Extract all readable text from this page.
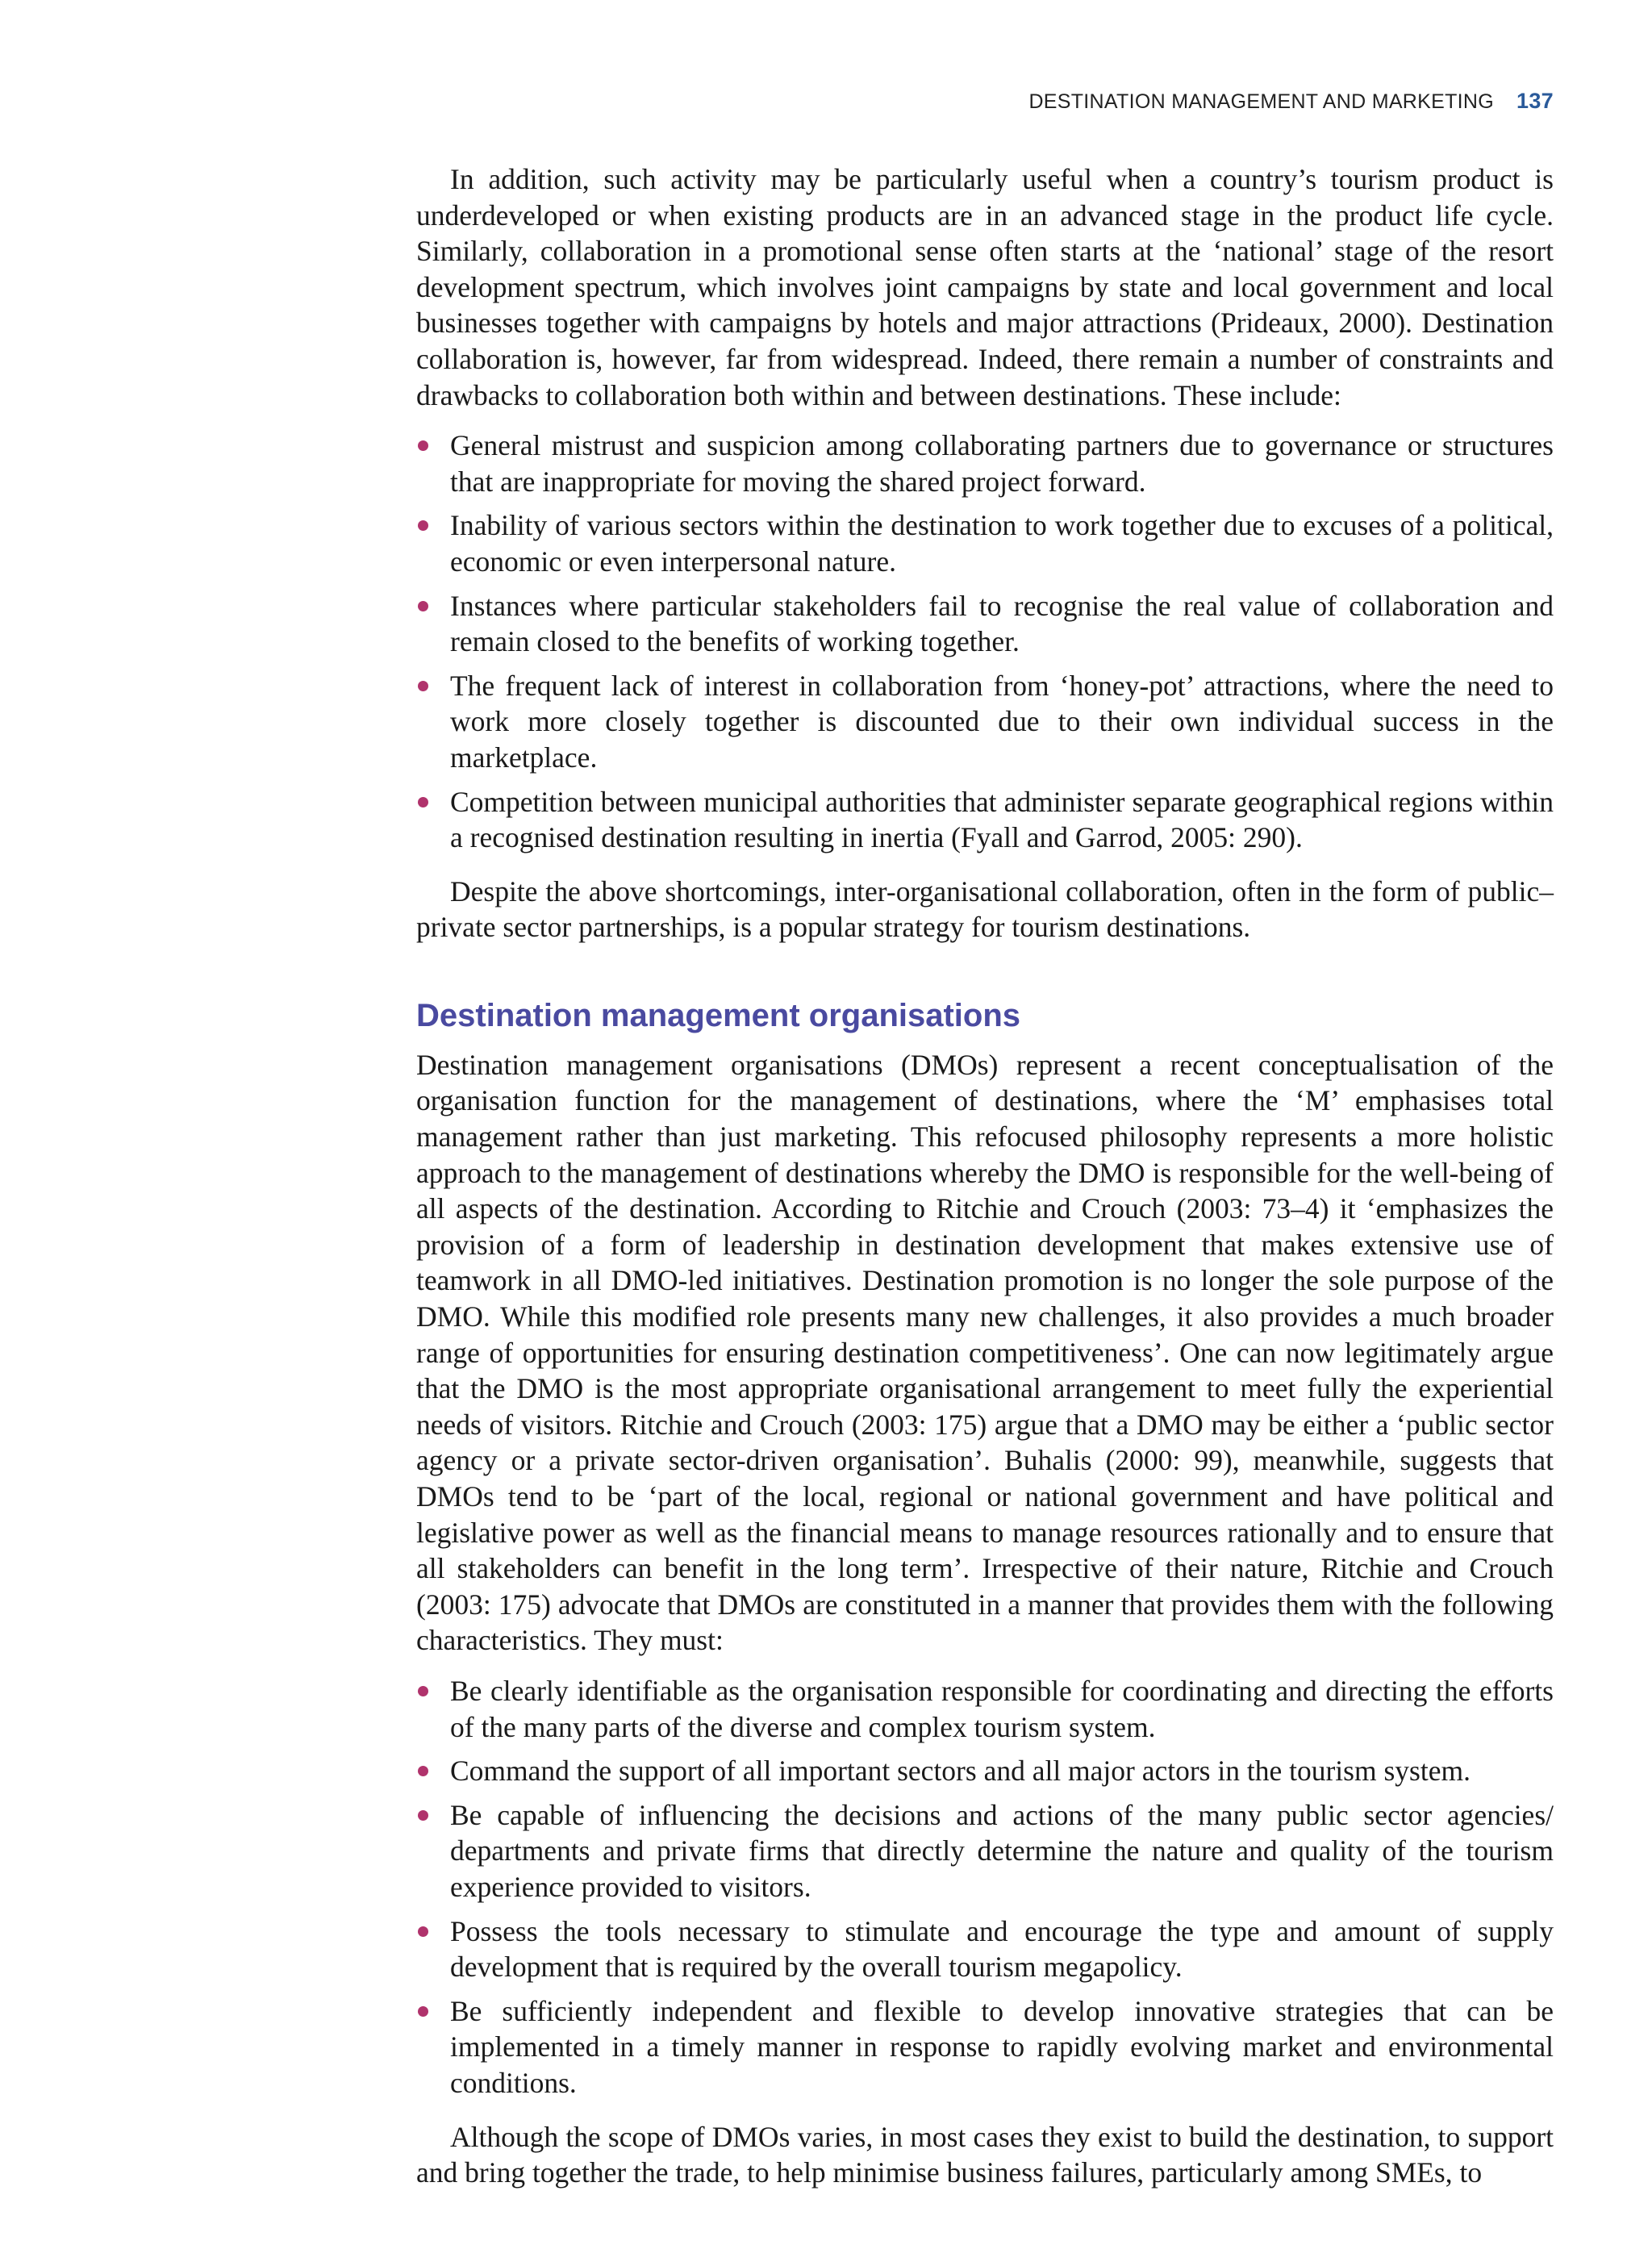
DESTINATION MANAGEMENT AND MARKETING 137

In addition, such activity may be particularly useful when a country’s tourism product is underdeveloped or when existing products are in an advanced stage in the product life cycle. Similarly, collaboration in a promotional sense often starts at the ‘national’ stage of the resort development spectrum, which involves joint campaigns by state and local government and local businesses together with campaigns by hotels and major attractions (Prideaux, 2000). Destination collaboration is, however, far from widespread. Indeed, there remain a number of constraints and drawbacks to collaboration both within and between destinations. These include:

General mistrust and suspicion among collaborating partners due to governance or structures that are inappropriate for moving the shared project forward.
Inability of various sectors within the destination to work together due to excuses of a political, economic or even interpersonal nature.
Instances where particular stakeholders fail to recognise the real value of collaboration and remain closed to the benefits of working together.
The frequent lack of interest in collaboration from ‘honey-pot’ attractions, where the need to work more closely together is discounted due to their own individual success in the marketplace.
Competition between municipal authorities that administer separate geographical regions within a recognised destination resulting in inertia (Fyall and Garrod, 2005: 290).

Despite the above shortcomings, inter-organisational collaboration, often in the form of public–private sector partnerships, is a popular strategy for tourism destinations.

Destination management organisations

Destination management organisations (DMOs) represent a recent conceptualisation of the organisation function for the management of destinations, where the ‘M’ emphasises total management rather than just marketing. This refocused philosophy represents a more holistic approach to the management of destinations whereby the DMO is responsible for the well-being of all aspects of the destination. According to Ritchie and Crouch (2003: 73–4) it ‘emphasizes the provision of a form of leadership in destination development that makes extensive use of teamwork in all DMO-led initiatives. Destination promotion is no longer the sole purpose of the DMO. While this modified role presents many new challenges, it also provides a much broader range of opportunities for ensuring destination competitiveness’. One can now legitimately argue that the DMO is the most appropriate organisational arrangement to meet fully the experiential needs of visitors. Ritchie and Crouch (2003: 175) argue that a DMO may be either a ‘public sector agency or a private sector-driven organisation’. Buhalis (2000: 99), meanwhile, suggests that DMOs tend to be ‘part of the local, regional or national government and have political and legislative power as well as the financial means to manage resources rationally and to ensure that all stakeholders can benefit in the long term’. Irrespective of their nature, Ritchie and Crouch (2003: 175) advocate that DMOs are constituted in a manner that provides them with the following characteristics. They must:

Be clearly identifiable as the organisation responsible for coordinating and directing the efforts of the many parts of the diverse and complex tourism system.
Command the support of all important sectors and all major actors in the tourism system.
Be capable of influencing the decisions and actions of the many public sector agencies/ departments and private firms that directly determine the nature and quality of the tourism experience provided to visitors.
Possess the tools necessary to stimulate and encourage the type and amount of supply development that is required by the overall tourism megapolicy.
Be sufficiently independent and flexible to develop innovative strategies that can be implemented in a timely manner in response to rapidly evolving market and environmental conditions.

Although the scope of DMOs varies, in most cases they exist to build the destination, to support and bring together the trade, to help minimise business failures, particularly among SMEs, to
